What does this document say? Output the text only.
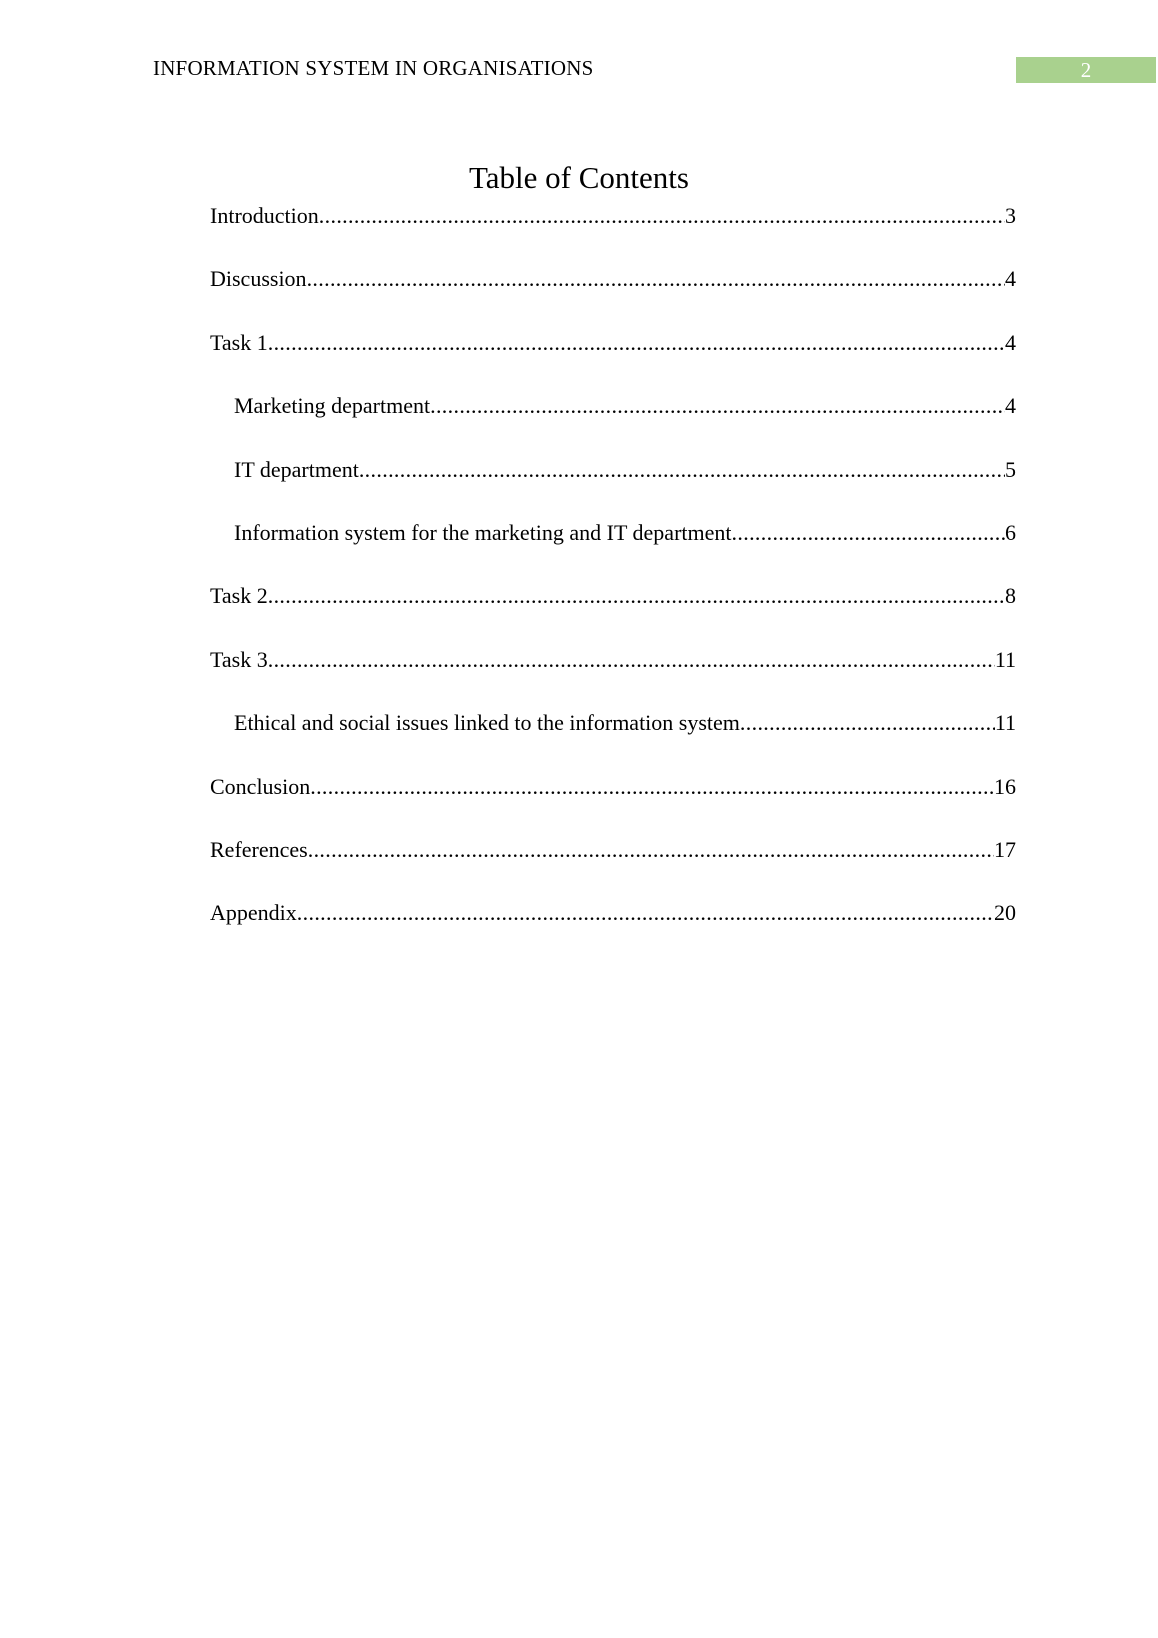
INFORMATION SYSTEM IN ORGANISATIONS	2
Table of Contents
Introduction .....	3
Discussion .....	4
Task 1 .....	4
Marketing department .....	4
IT department .....	5
Information system for the marketing and IT department .....	6
Task 2 .....	8
Task 3 .....	11
Ethical and social issues linked to the information system .....	11
Conclusion .....	16
References .....	17
Appendix .....	20
